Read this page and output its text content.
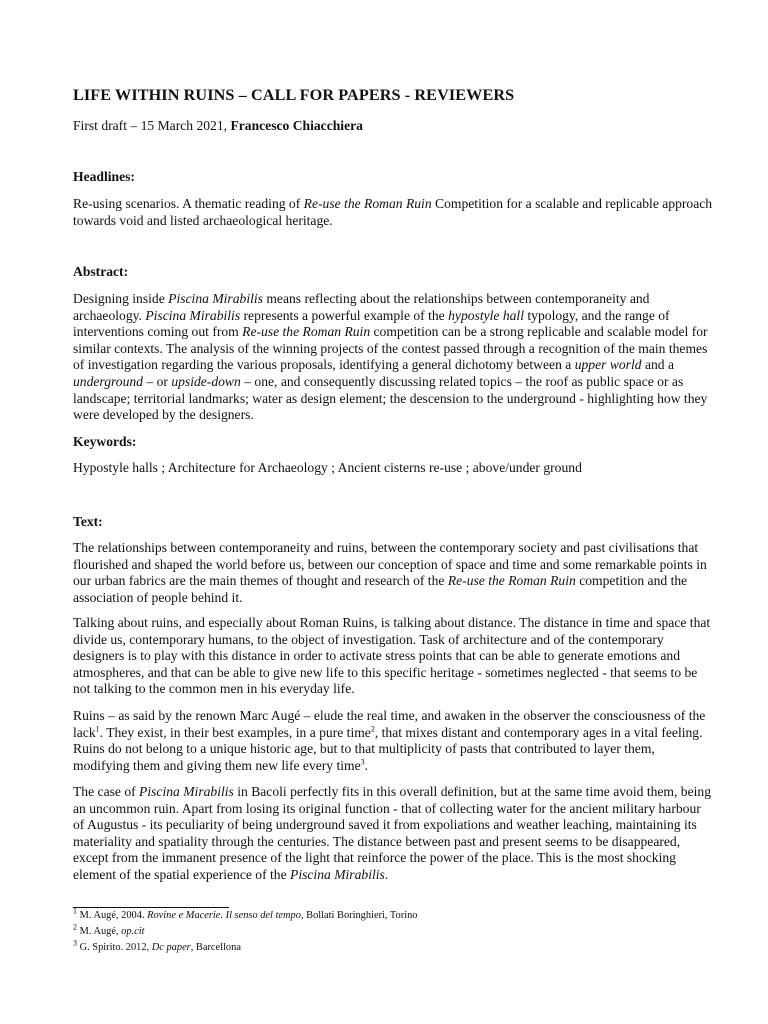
LIFE WITHIN RUINS – CALL FOR PAPERS - REVIEWERS
First draft – 15 March 2021, Francesco Chiacchiera
Headlines:

Re-using scenarios. A thematic reading of Re-use the Roman Ruin Competition for a scalable and replicable approach towards void and listed archaeological heritage.

Abstract:

Designing inside Piscina Mirabilis means reflecting about the relationships between contemporaneity and archaeology. Piscina Mirabilis represents a powerful example of the hypostyle hall typology, and the range of interventions coming out from Re-use the Roman Ruin competition can be a strong replicable and scalable model for similar contexts. The analysis of the winning projects of the contest passed through a recognition of the main themes of investigation regarding the various proposals, identifying a general dichotomy between a upper world and a underground – or upside-down – one, and consequently discussing related topics – the roof as public space or as landscape; territorial landmarks; water as design element; the descension to the underground - highlighting how they were developed by the designers.

Keywords:

Hypostyle halls ; Architecture for Archaeology ; Ancient cisterns re-use ; above/under ground

Text:

The relationships between contemporaneity and ruins, between the contemporary society and past civilisations that flourished and shaped the world before us, between our conception of space and time and some remarkable points in our urban fabrics are the main themes of thought and research of the Re-use the Roman Ruin competition and the association of people behind it.

Talking about ruins, and especially about Roman Ruins, is talking about distance. The distance in time and space that divide us, contemporary humans, to the object of investigation. Task of architecture and of the contemporary designers is to play with this distance in order to activate stress points that can be able to generate emotions and atmospheres, and that can be able to give new life to this specific heritage - sometimes neglected - that seems to be not talking to the common men in his everyday life.

Ruins – as said by the renown Marc Augé – elude the real time, and awaken in the observer the consciousness of the lack$^1$. They exist, in their best examples, in a pure time$^2$, that mixes distant and contemporary ages in a vital feeling. Ruins do not belong to a unique historic age, but to that multiplicity of pasts that contributed to layer them, modifying them and giving them new life every time$^3$.

The case of Piscina Mirabilis in Bacoli perfectly fits in this overall definition, but at the same time avoid them, being an uncommon ruin. Apart from losing its original function - that of collecting water for the ancient military harbour of Augustus - its peculiarity of being underground saved it from expoliations and weather leaching, maintaining its materiality and spatiality through the centuries. The distance between past and present seems to be disappeared, except from the immanent presence of the light that reinforce the power of the place. This is the most shocking element of the spatial experience of the Piscina Mirabilis.

$^1$ M. Augé, 2004. Rovine e Macerie. Il senso del tempo, Bollati Boringhieri, Torino
$^2$ M. Augé, op.cit
$^3$ G. Spirito. 2012, Dc paper, Barcellona
